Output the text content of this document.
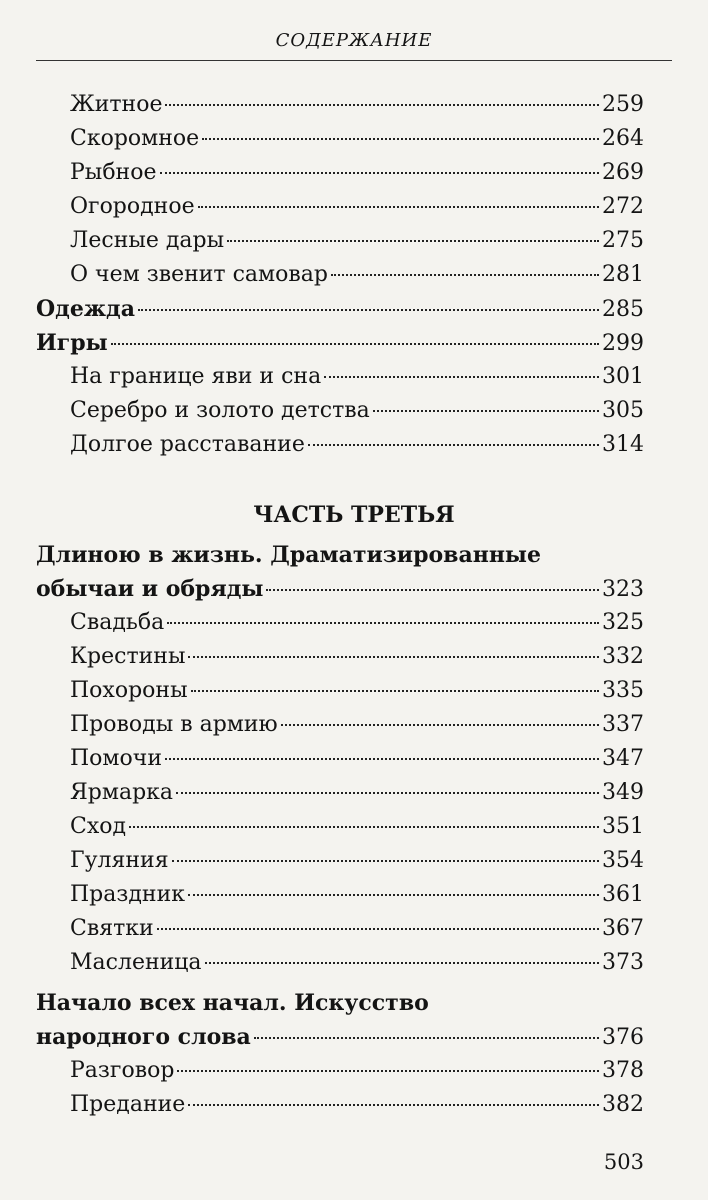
СОДЕРЖАНИЕ
Житное	259
Скоромное	264
Рыбное	269
Огородное	272
Лесные дары	275
О чем звенит самовар	281
Одежда	285
Игры	299
На границе яви и сна	301
Серебро и золото детства	305
Долгое расставание	314
ЧАСТЬ ТРЕТЬЯ
Длиною в жизнь. Драматизированные
обычаи и обряды	323
Свадьба	325
Крестины	332
Похороны	335
Проводы в армию	337
Помочи	347
Ярмарка	349
Сход	351
Гуляния	354
Праздник	361
Святки	367
Масленица	373
Начало всех начал. Искусство
народного слова	376
Разговор	378
Предание	382
503
